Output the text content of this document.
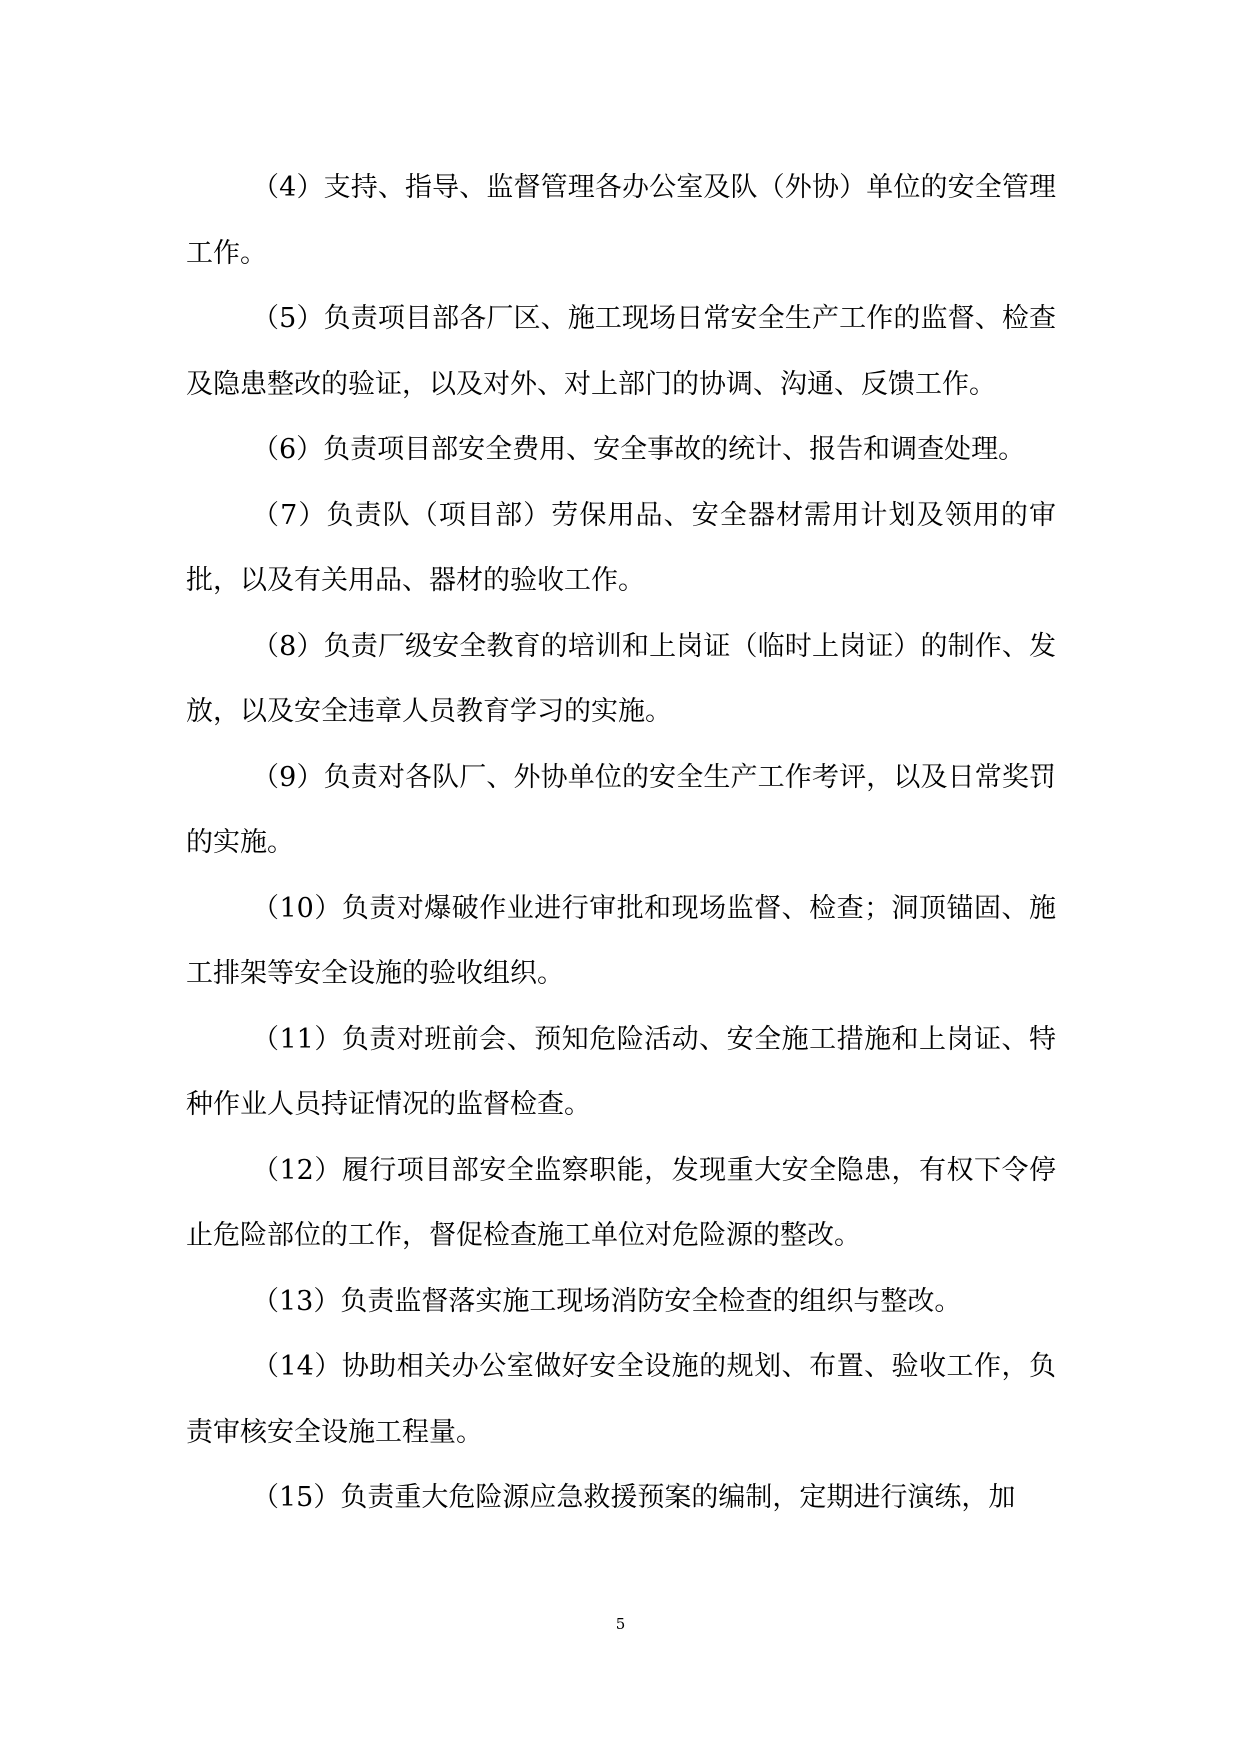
（4）支持、指导、监督管理各办公室及队（外协）单位的安全管理工作。

（5）负责项目部各厂区、施工现场日常安全生产工作的监督、检查及隐患整改的验证，以及对外、对上部门的协调、沟通、反馈工作。

（6）负责项目部安全费用、安全事故的统计、报告和调查处理。

（7）负责队（项目部）劳保用品、安全器材需用计划及领用的审批，以及有关用品、器材的验收工作。

（8）负责厂级安全教育的培训和上岗证（临时上岗证）的制作、发放，以及安全违章人员教育学习的实施。

（9）负责对各队厂、外协单位的安全生产工作考评，以及日常奖罚的实施。

（10）负责对爆破作业进行审批和现场监督、检查；洞顶锚固、施工排架等安全设施的验收组织。

（11）负责对班前会、预知危险活动、安全施工措施和上岗证、特种作业人员持证情况的监督检查。

（12）履行项目部安全监察职能，发现重大安全隐患，有权下令停止危险部位的工作，督促检查施工单位对危险源的整改。

（13）负责监督落实施工现场消防安全检查的组织与整改。

（14）协助相关办公室做好安全设施的规划、布置、验收工作，负责审核安全设施工程量。

（15）负责重大危险源应急救援预案的编制，定期进行演练，加

5
